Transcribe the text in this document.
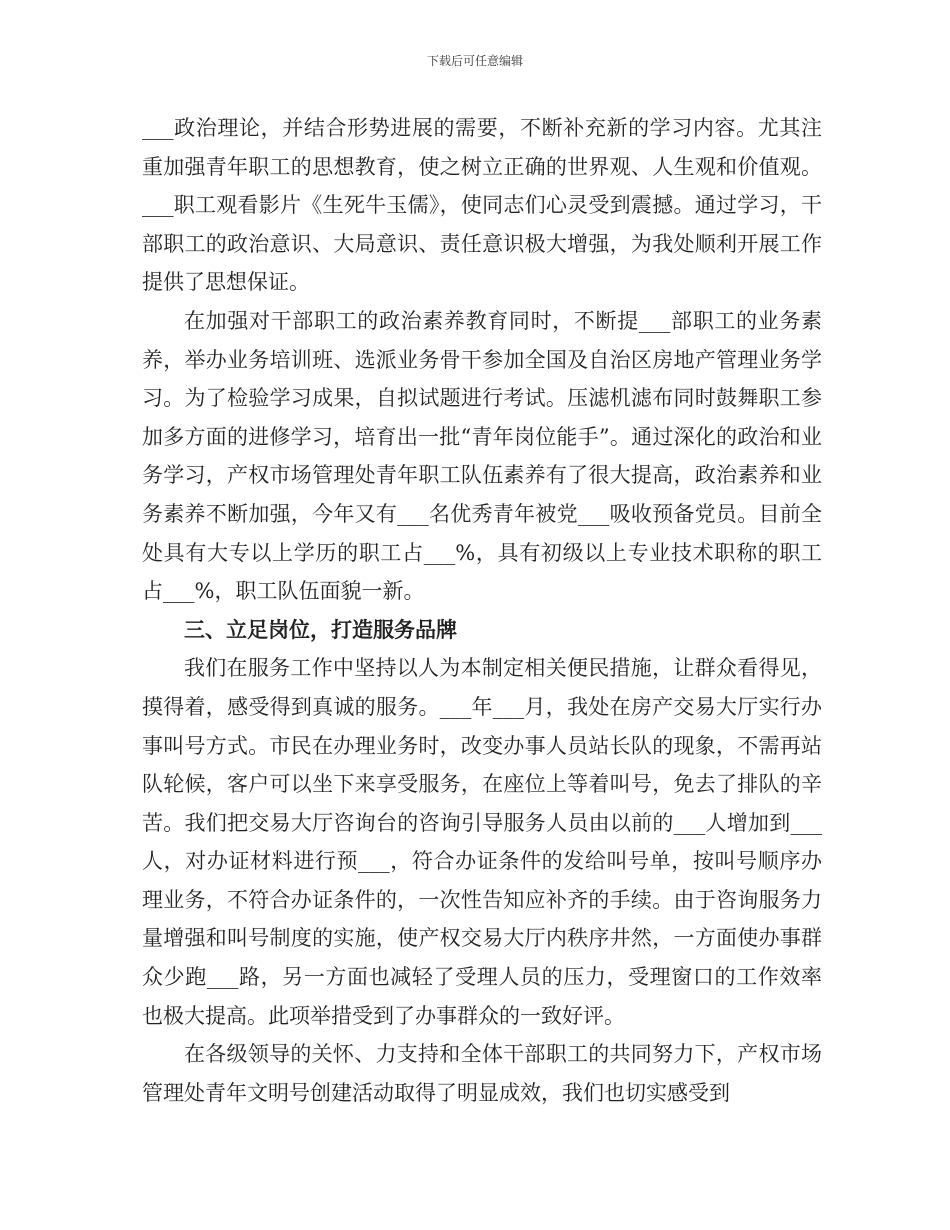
下载后可任意编辑

___政治理论，并结合形势进展的需要，不断补充新的学习内容。尤其注重加强青年职工的思想教育，使之树立正确的世界观、人生观和价值观。___职工观看影片《生死牛玉儒》，使同志们心灵受到震撼。通过学习，干部职工的政治意识、大局意识、责任意识极大增强，为我处顺利开展工作提供了思想保证。

在加强对干部职工的政治素养教育同时，不断提___部职工的业务素养，举办业务培训班、选派业务骨干参加全国及自治区房地产管理业务学习。为了检验学习成果，自拟试题进行考试。压滤机滤布同时鼓舞职工参加多方面的进修学习，培育出一批“青年岗位能手”。通过深化的政治和业务学习，产权市场管理处青年职工队伍素养有了很大提高，政治素养和业务素养不断加强，今年又有___名优秀青年被党___吸收预备党员。目前全处具有大专以上学历的职工占___%，具有初级以上专业技术职称的职工占___%，职工队伍面貌一新。

三、立足岗位，打造服务品牌

我们在服务工作中坚持以人为本制定相关便民措施，让群众看得见，摸得着，感受得到真诚的服务。___年___月，我处在房产交易大厅实行办事叫号方式。市民在办理业务时，改变办事人员站长队的现象，不需再站队轮候，客户可以坐下来享受服务，在座位上等着叫号，免去了排队的辛苦。我们把交易大厅咨询台的咨询引导服务人员由以前的___人增加到___人，对办证材料进行预___，符合办证条件的发给叫号单，按叫号顺序办理业务，不符合办证条件的，一次性告知应补齐的手续。由于咨询服务力量增强和叫号制度的实施，使产权交易大厅内秩序井然，一方面使办事群众少跑___路，另一方面也减轻了受理人员的压力，受理窗口的工作效率也极大提高。此项举措受到了办事群众的一致好评。

在各级领导的关怀、力支持和全体干部职工的共同努力下，产权市场管理处青年文明号创建活动取得了明显成效，我们也切实感受到
